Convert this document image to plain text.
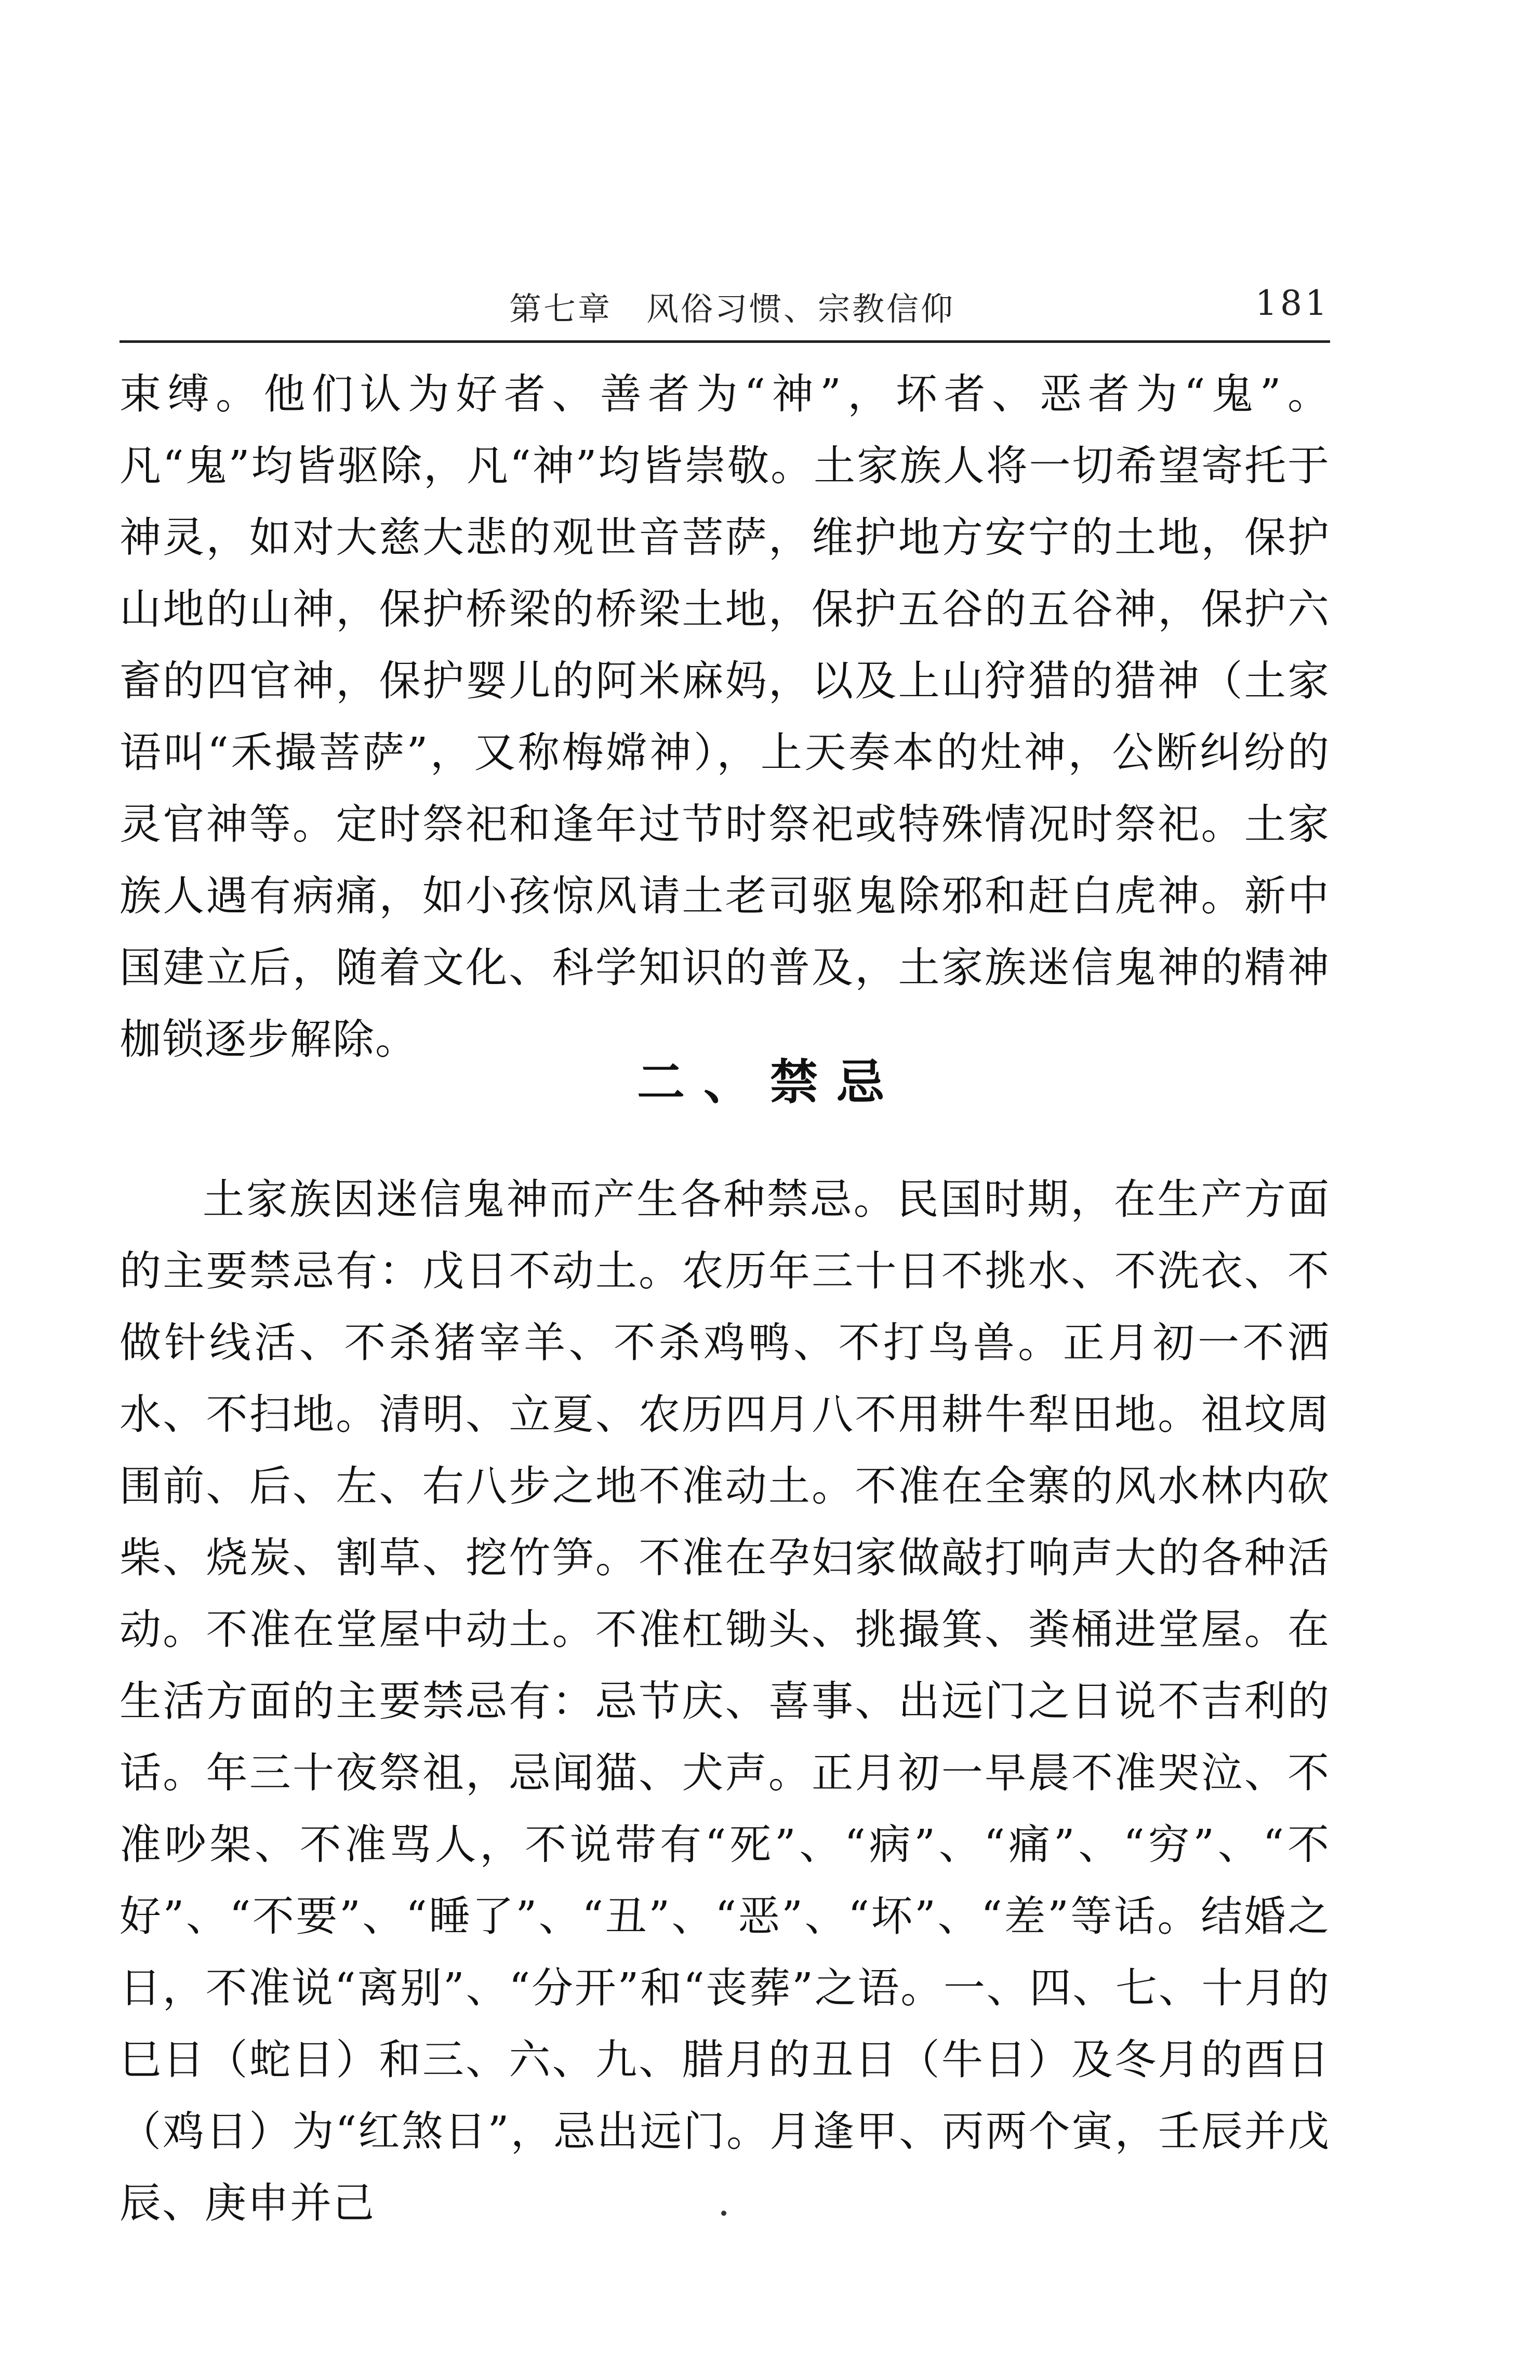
第七章　风俗习惯、宗教信仰	181

束缚。他们认为好者、善者为“神”，坏者、恶者为“鬼”。凡“鬼”均皆驱除，凡“神”均皆崇敬。土家族人将一切希望寄托于神灵，如对大慈大悲的观世音菩萨，维护地方安宁的土地，保护山地的山神，保护桥梁的桥梁土地，保护五谷的五谷神，保护六畜的四官神，保护婴儿的阿米麻妈，以及上山狩猎的猎神（土家语叫“禾撮菩萨”，又称梅嫦神），上天奏本的灶神，公断纠纷的灵官神等。定时祭祀和逢年过节时祭祀或特殊情况时祭祀。土家族人遇有病痛，如小孩惊风请土老司驱鬼除邪和赶白虎神。新中国建立后，随着文化、科学知识的普及，土家族迷信鬼神的精神枷锁逐步解除。

二、禁忌

土家族因迷信鬼神而产生各种禁忌。民国时期，在生产方面的主要禁忌有：戊日不动土。农历年三十日不挑水、不洗衣、不做针线活、不杀猪宰羊、不杀鸡鸭、不打鸟兽。正月初一不洒水、不扫地。清明、立夏、农历四月八不用耕牛犁田地。祖坟周围前、后、左、右八步之地不准动土。不准在全寨的风水林内砍柴、烧炭、割草、挖竹笋。不准在孕妇家做敲打响声大的各种活动。不准在堂屋中动土。不准杠锄头、挑撮箕、粪桶进堂屋。在生活方面的主要禁忌有：忌节庆、喜事、出远门之日说不吉利的话。年三十夜祭祖，忌闻猫、犬声。正月初一早晨不准哭泣、不准吵架、不准骂人，不说带有“死”、“病”、“痛”、“穷”、“不好”、“不要”、“睡了”、“丑”、“恶”、“坏”、“差”等话。结婚之日，不准说“离别”、“分开”和“丧葬”之语。一、四、七、十月的巳日（蛇日）和三、六、九、腊月的丑日（牛日）及冬月的酉日（鸡日）为“红煞日”，忌出远门。月逢甲、丙两个寅，壬辰并戊辰、庚申并己
